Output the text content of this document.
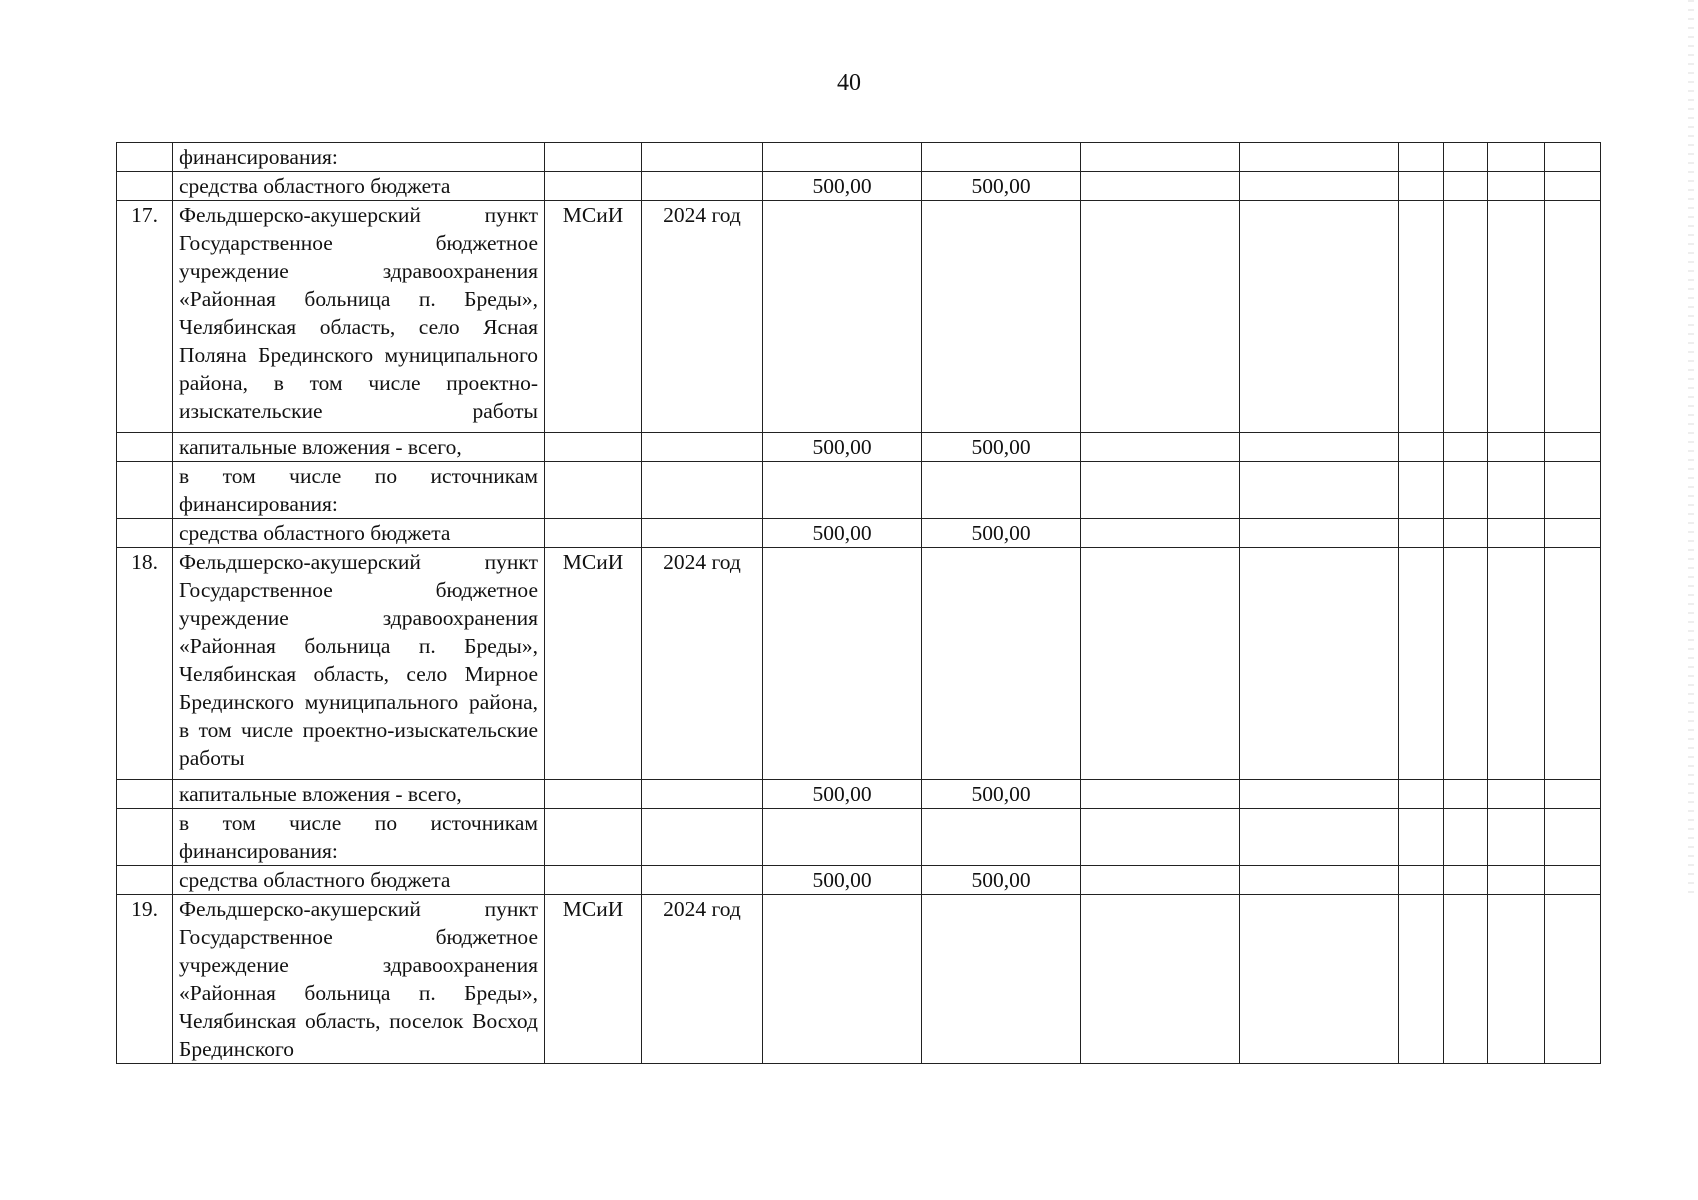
40
	финансирования:										
	средства областного бюджета			500,00	500,00						
17.	Фельдшерско-акушерский пункт Государственное бюджетное учреждение здравоохранения «Районная больница п. Бреды», Челябинская область, село Ясная Поляна Брединского муниципального района, в том числе проектно-изыскательские работы	МСиИ	2024 год								
	капитальные вложения - всего,			500,00	500,00						
	в том числе по источникам финансирования:										
	средства областного бюджета			500,00	500,00						
18.	Фельдшерско-акушерский пункт Государственное бюджетное учреждение здравоохранения «Районная больница п. Бреды», Челябинская область, село Мирное Брединского муниципального района, в том числе проектно-изыскательские работы	МСиИ	2024 год								
	капитальные вложения - всего,			500,00	500,00						
	в том числе по источникам финансирования:										
	средства областного бюджета			500,00	500,00						
19.	Фельдшерско-акушерский пункт Государственное бюджетное учреждение здравоохранения «Районная больница п. Бреды», Челябинская область, поселок Восход Брединского	МСиИ	2024 год								
